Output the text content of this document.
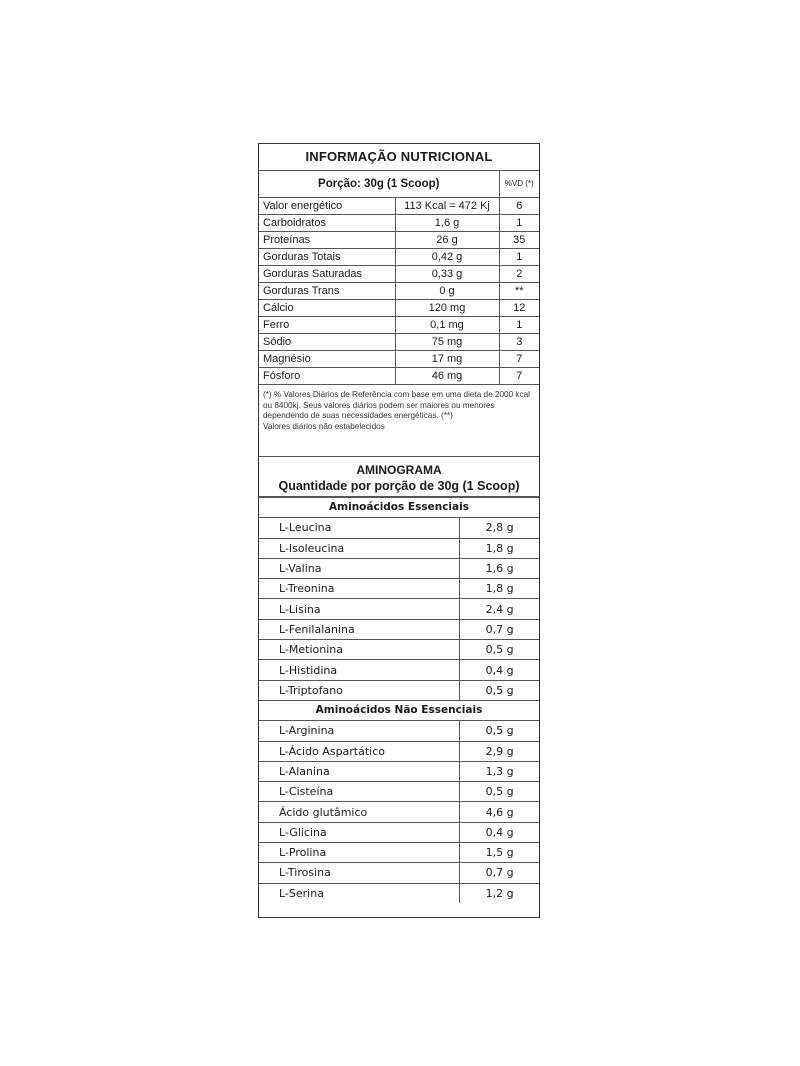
INFORMAÇÃO NUTRICIONAL		
Porção: 30g (1 Scoop)		%VD (*)
Valor energético	113 Kcal = 472 Kj	6
Carboidratos	1,6 g	1
Proteínas	26 g	35
Gorduras Totais	0,42 g	1
Gorduras Saturadas	0,33 g	2
Gorduras Trans	0 g	**
Cálcio	120 mg	12
Ferro	0,1 mg	1
Sódio	75 mg	3
Magnésio	17 mg	7
Fósforo	46 mg	7
(*) % Valores Diários de Referência com base em uma dieta de 2000 kcal ou 8400kj. Seus valores diários podem ser maiores ou menores dependendo de suas necessidades energéticas. (**)
Valores diários não estabelecidos
AMINOGRAMA
Quantidade por porção de 30g (1 Scoop)
Aminoácidos Essenciais	
L-Leucina	2,8 g
L-Isoleucina	1,8 g
L-Valina	1,6 g
L-Treonina	1,8 g
L-Lisina	2,4 g
L-Fenilalanina	0,7 g
L-Metionina	0,5 g
L-Histidina	0,4 g
L-Triptofano	0,5 g
Aminoácidos Não Essenciais	
L-Arginina	0,5 g
L-Ácido Aspartático	2,9 g
L-Alanina	1,3 g
L-Cisteína	0,5 g
Ácido glutâmico	4,6 g
L-Glicina	0,4 g
L-Prolina	1,5 g
L-Tirosina	0,7 g
L-Serina	1,2 g
